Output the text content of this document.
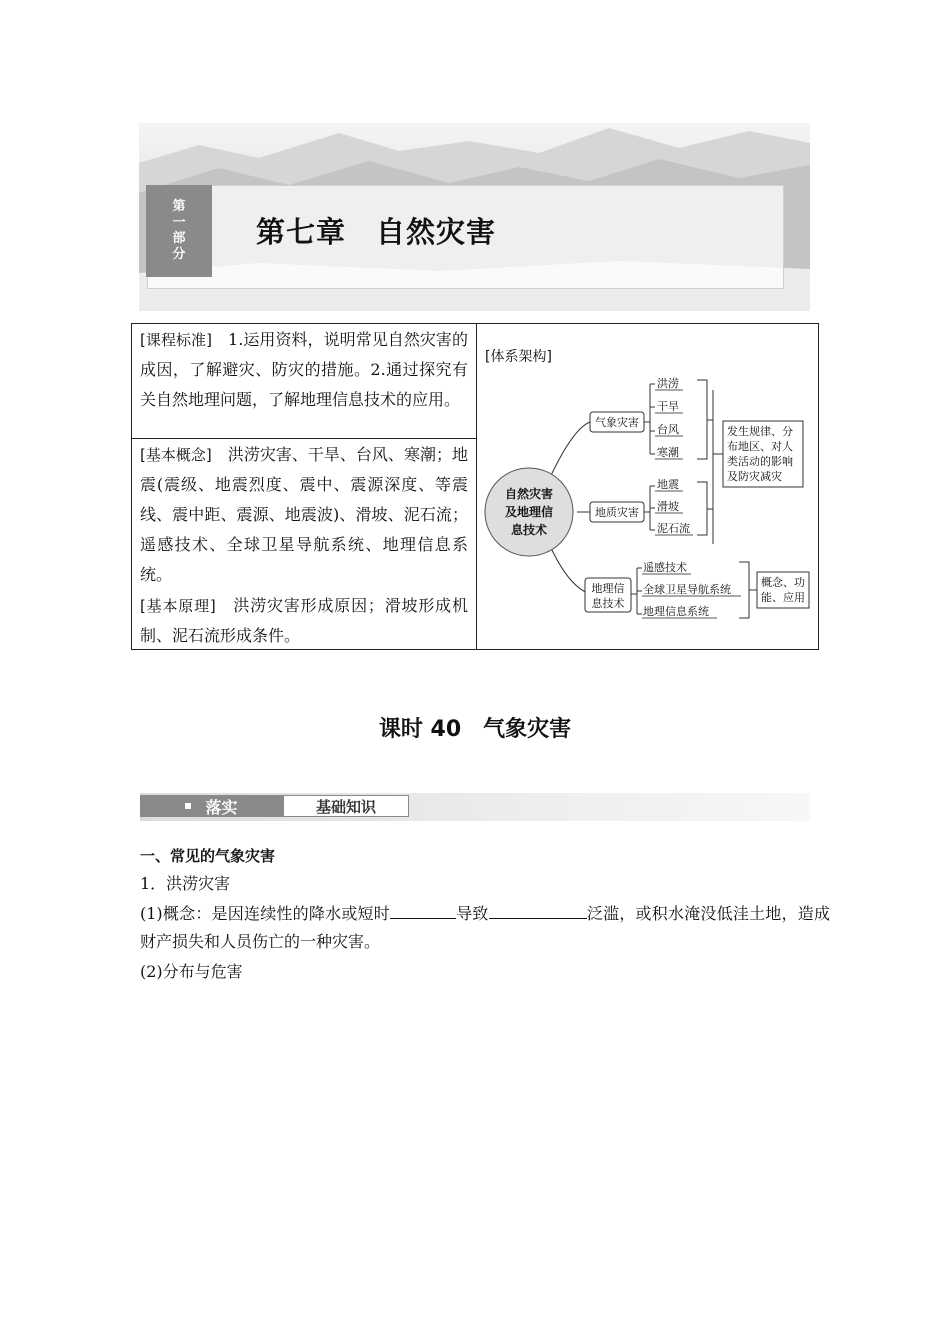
第
一
部
分
第七章　自然灾害
[课程标准]　1.运用资料，说明常见自然灾害的成因，了解避灾、防灾的措施。2.通过探究有关自然地理问题，了解地理信息技术的应用。
[基本概念]　洪涝灾害、干旱、台风、寒潮；地震(震级、地震烈度、震中、震源深度、等震线、震中距、震源、地震波)、滑坡、泥石流；遥感技术、全球卫星导航系统、地理信息系统。
[基本原理]　洪涝灾害形成原因；滑坡形成机制、泥石流形成条件。
[体系架构]
自然灾害
及地理信
息技术
气象灾害
洪涝
干旱
台风
寒潮
地质灾害
地震
滑坡
泥石流
发生规律、分
布地区、对人
类活动的影响
及防灾减灾
地理信
息技术
遥感技术
全球卫星导航系统
地理信息系统
概念、功
能、应用
课时 40　气象灾害
落实	基础知识
一、常见的气象灾害
1．洪涝灾害
(1)概念：是因连续性的降水或短时	导致	泛滥，或积水淹没低洼土地，造成财产损失和人员伤亡的一种灾害。
(2)分布与危害
